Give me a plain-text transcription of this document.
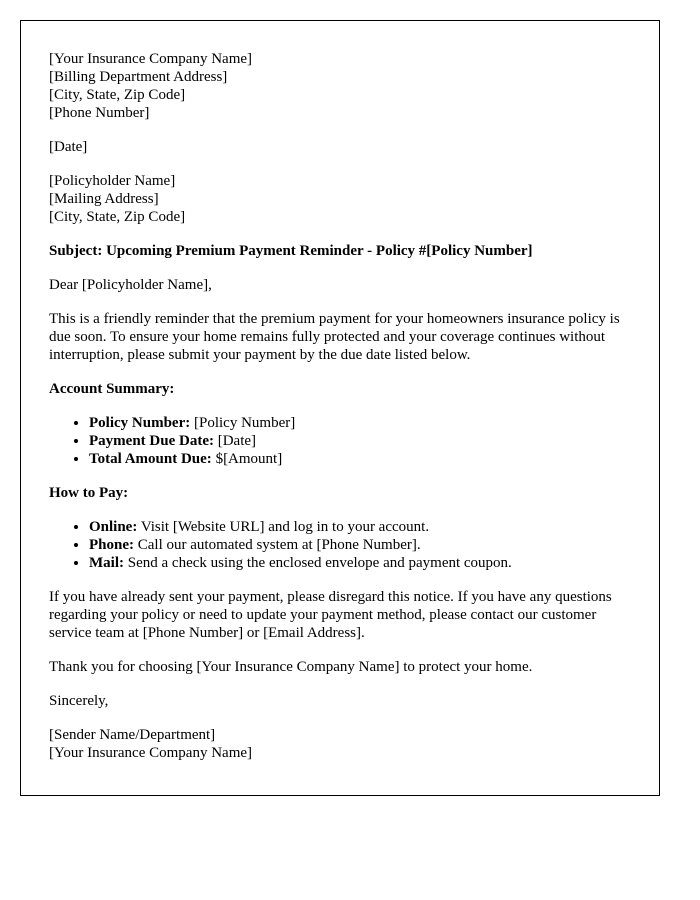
[Your Insurance Company Name]
[Billing Department Address]
[City, State, Zip Code]
[Phone Number]

[Date]

[Policyholder Name]
[Mailing Address]
[City, State, Zip Code]

Subject: Upcoming Premium Payment Reminder - Policy #[Policy Number]

Dear [Policyholder Name],

This is a friendly reminder that the premium payment for your homeowners insurance policy is due soon. To ensure your home remains fully protected and your coverage continues without interruption, please submit your payment by the due date listed below.

Account Summary:

• Policy Number: [Policy Number]
• Payment Due Date: [Date]
• Total Amount Due: $[Amount]

How to Pay:

• Online: Visit [Website URL] and log in to your account.
• Phone: Call our automated system at [Phone Number].
• Mail: Send a check using the enclosed envelope and payment coupon.

If you have already sent your payment, please disregard this notice. If you have any questions regarding your policy or need to update your payment method, please contact our customer service team at [Phone Number] or [Email Address].

Thank you for choosing [Your Insurance Company Name] to protect your home.

Sincerely,

[Sender Name/Department]
[Your Insurance Company Name]
